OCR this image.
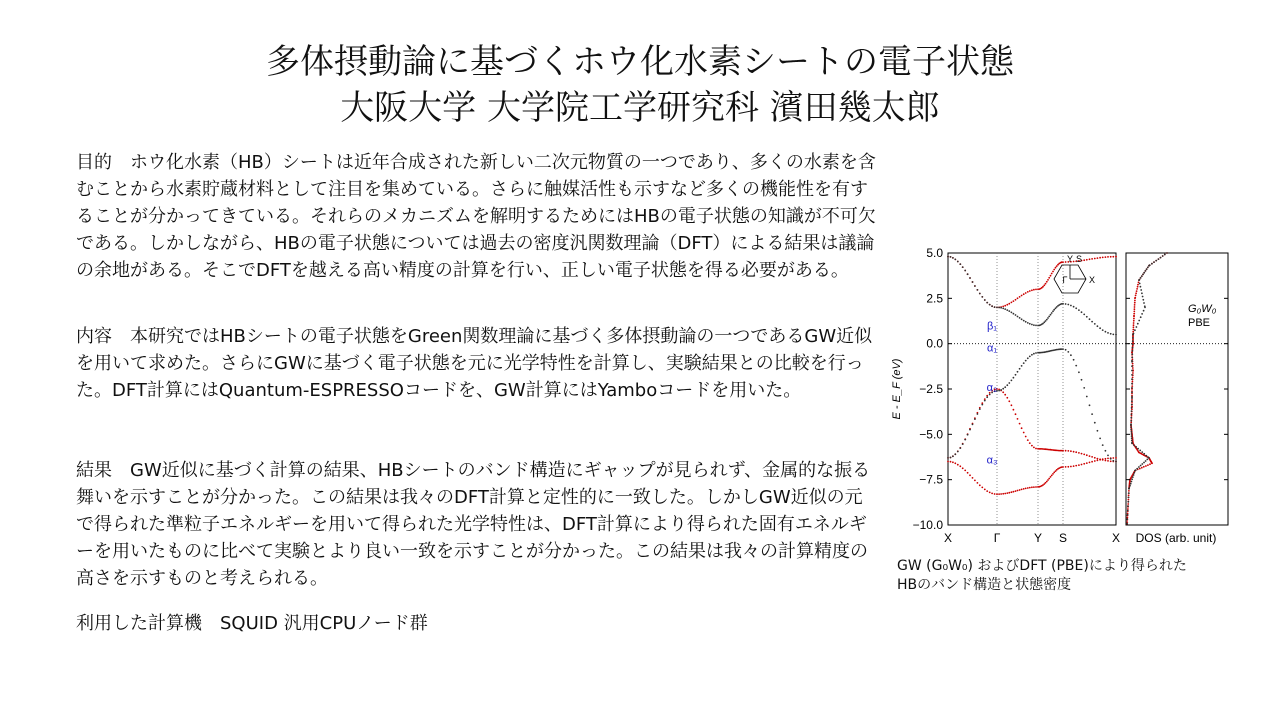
多体摂動論に基づくホウ化水素シートの電子状態
大阪大学 大学院工学研究科 濱田幾太郎

目的　ホウ化水素（HB）シートは近年合成された新しい二次元物質の一つであり、多くの水素を含むことから水素貯蔵材料として注目を集めている。さらに触媒活性も示すなど多くの機能性を有することが分かってきている。それらのメカニズムを解明するためにはHBの電子状態の知識が不可欠である。しかしながら、HBの電子状態については過去の密度汎関数理論（DFT）による結果は議論の余地がある。そこでDFTを越える高い精度の計算を行い、正しい電子状態を得る必要がある。

内容　本研究ではHBシートの電子状態をGreen関数理論に基づく多体摂動論の一つであるGW近似を用いて求めた。さらにGWに基づく電子状態を元に光学特性を計算し、実験結果との比較を行った。DFT計算にはQuantum-ESPRESSOコードを、GW計算にはYamboコードを用いた。

結果　GW近似に基づく計算の結果、HBシートのバンド構造にギャップが見られず、金属的な振る舞いを示すことが分かった。この結果は我々のDFT計算と定性的に一致した。しかしGW近似の元で得られた準粒子エネルギーを用いて得られた光学特性は、DFT計算により得られた固有エネルギーを用いたものに比べて実験とより良い一致を示すことが分かった。この結果は我々の計算精度の高さを示すものと考えられる。

利用した計算機　SQUID 汎用CPUノード群

5.0
2.5
0.0
−2.5
−5.0
−7.5
−10.0
X	Γ	Y S	X
β₁
α₁
α₂
α₃
E - E_F (eV)
Y S
Γ X
DOS (arb. unit)
G₀W₀
PBE
GW (G₀W₀) およびDFT (PBE)により得られた
HBのバンド構造と状態密度
